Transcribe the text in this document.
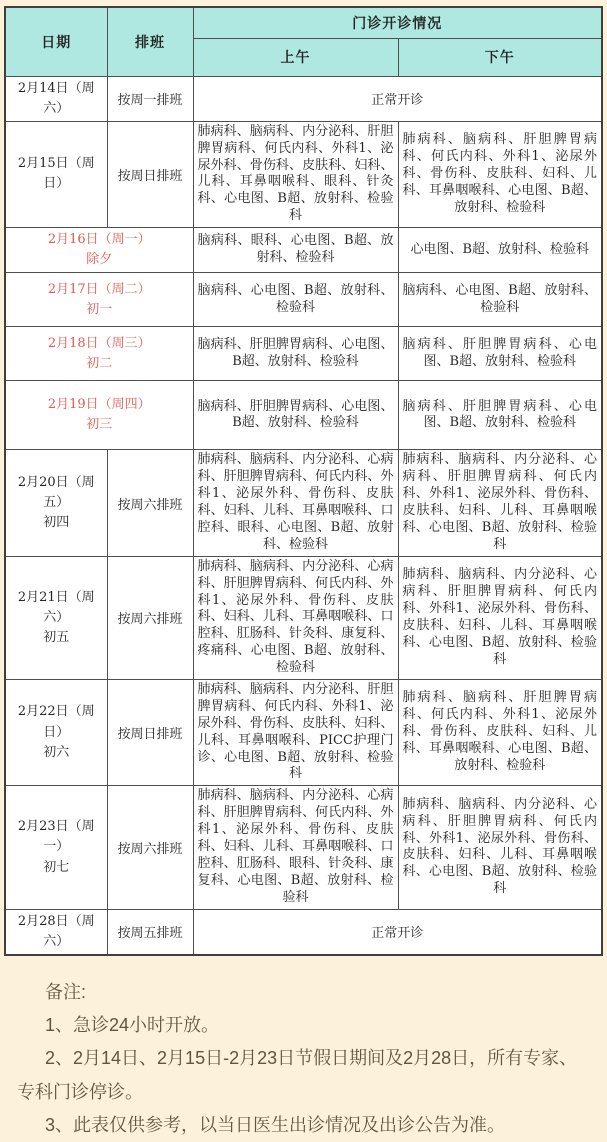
日期	排班	门诊开诊情况	
		上午	下午

2月14日（周六）	按周一排班	正常开诊	

2月15日（周日）	按周日排班	肺病科、脑病科、内分泌科、肝胆脾胃病科、何氏内科、外科1、泌尿外科、骨伤科、皮肤科、妇科、儿科、耳鼻咽喉科、眼科、针灸科、心电图、B超、放射科、检验科	肺病科、脑病科、肝胆脾胃病科、何氏内科、外科1、泌尿外科、骨伤科、皮肤科、妇科、儿科、耳鼻咽喉科、心电图、B超、放射科、检验科

2月16日（周一）
除夕		脑病科、眼科、心电图、B超、放射科、检验科	心电图、B超、放射科、检验科

2月17日（周二）
初一		脑病科、心电图、B超、放射科、检验科	脑病科、心电图、B超、放射科、检验科

2月18日（周三）
初二		脑病科、肝胆脾胃病科、心电图、B超、放射科、检验科	脑病科、肝胆脾胃病科、心电图、B超、放射科、检验科

2月19日（周四）
初三		脑病科、肝胆脾胃病科、心电图、B超、放射科、检验科	脑病科、肝胆脾胃病科、心电图、B超、放射科、检验科

2月20日（周五）
初四	按周六排班	肺病科、脑病科、内分泌科、心病科、肝胆脾胃病科、何氏内科、外科1、泌尿外科、骨伤科、皮肤科、妇科、儿科、耳鼻咽喉科、口腔科、眼科、心电图、B超、放射科、检验科	肺病科、脑病科、内分泌科、心病科、肝胆脾胃病科、何氏内科、外科1、泌尿外科、骨伤科、皮肤科、妇科、儿科、耳鼻咽喉科、心电图、B超、放射科、检验科

2月21日（周六）
初五	按周六排班	肺病科、脑病科、内分泌科、心病科、肝胆脾胃病科、何氏内科、外科1、泌尿外科、骨伤科、皮肤科、妇科、儿科、耳鼻咽喉科、口腔科、肛肠科、针灸科、康复科、疼痛科、心电图、B超、放射科、检验科	肺病科、脑病科、内分泌科、心病科、肝胆脾胃病科、何氏内科、外科1、泌尿外科、骨伤科、皮肤科、妇科、儿科、耳鼻咽喉科、心电图、B超、放射科、检验科

2月22日（周日）
初六	按周日排班	肺病科、脑病科、内分泌科、肝胆脾胃病科、何氏内科、外科1、泌尿外科、骨伤科、皮肤科、妇科、儿科、耳鼻咽喉科、PICC护理门诊、心电图、B超、放射科、检验科	肺病科、脑病科、肝胆脾胃病科、何氏内科、外科1、泌尿外科、骨伤科、皮肤科、妇科、儿科、耳鼻咽喉科、心电图、B超、放射科、检验科

2月23日（周一）
初七	按周六排班	肺病科、脑病科、内分泌科、心病科、肝胆脾胃病科、何氏内科、外科1、泌尿外科、骨伤科、皮肤科、妇科、儿科、耳鼻咽喉科、口腔科、肛肠科、眼科、针灸科、康复科、心电图、B超、放射科、检验科	肺病科、脑病科、内分泌科、心病科、肝胆脾胃病科、何氏内科、外科1、泌尿外科、骨伤科、皮肤科、妇科、儿科、耳鼻咽喉科、心电图、B超、放射科、检验科

2月28日（周六）	按周五排班	正常开诊	

备注:

1、急诊24小时开放。

2、2月14日、2月15日-2月23日节假日期间及2月28日，所有专家、专科门诊停诊。

3、此表仅供参考，以当日医生出诊情况及出诊公告为准。
